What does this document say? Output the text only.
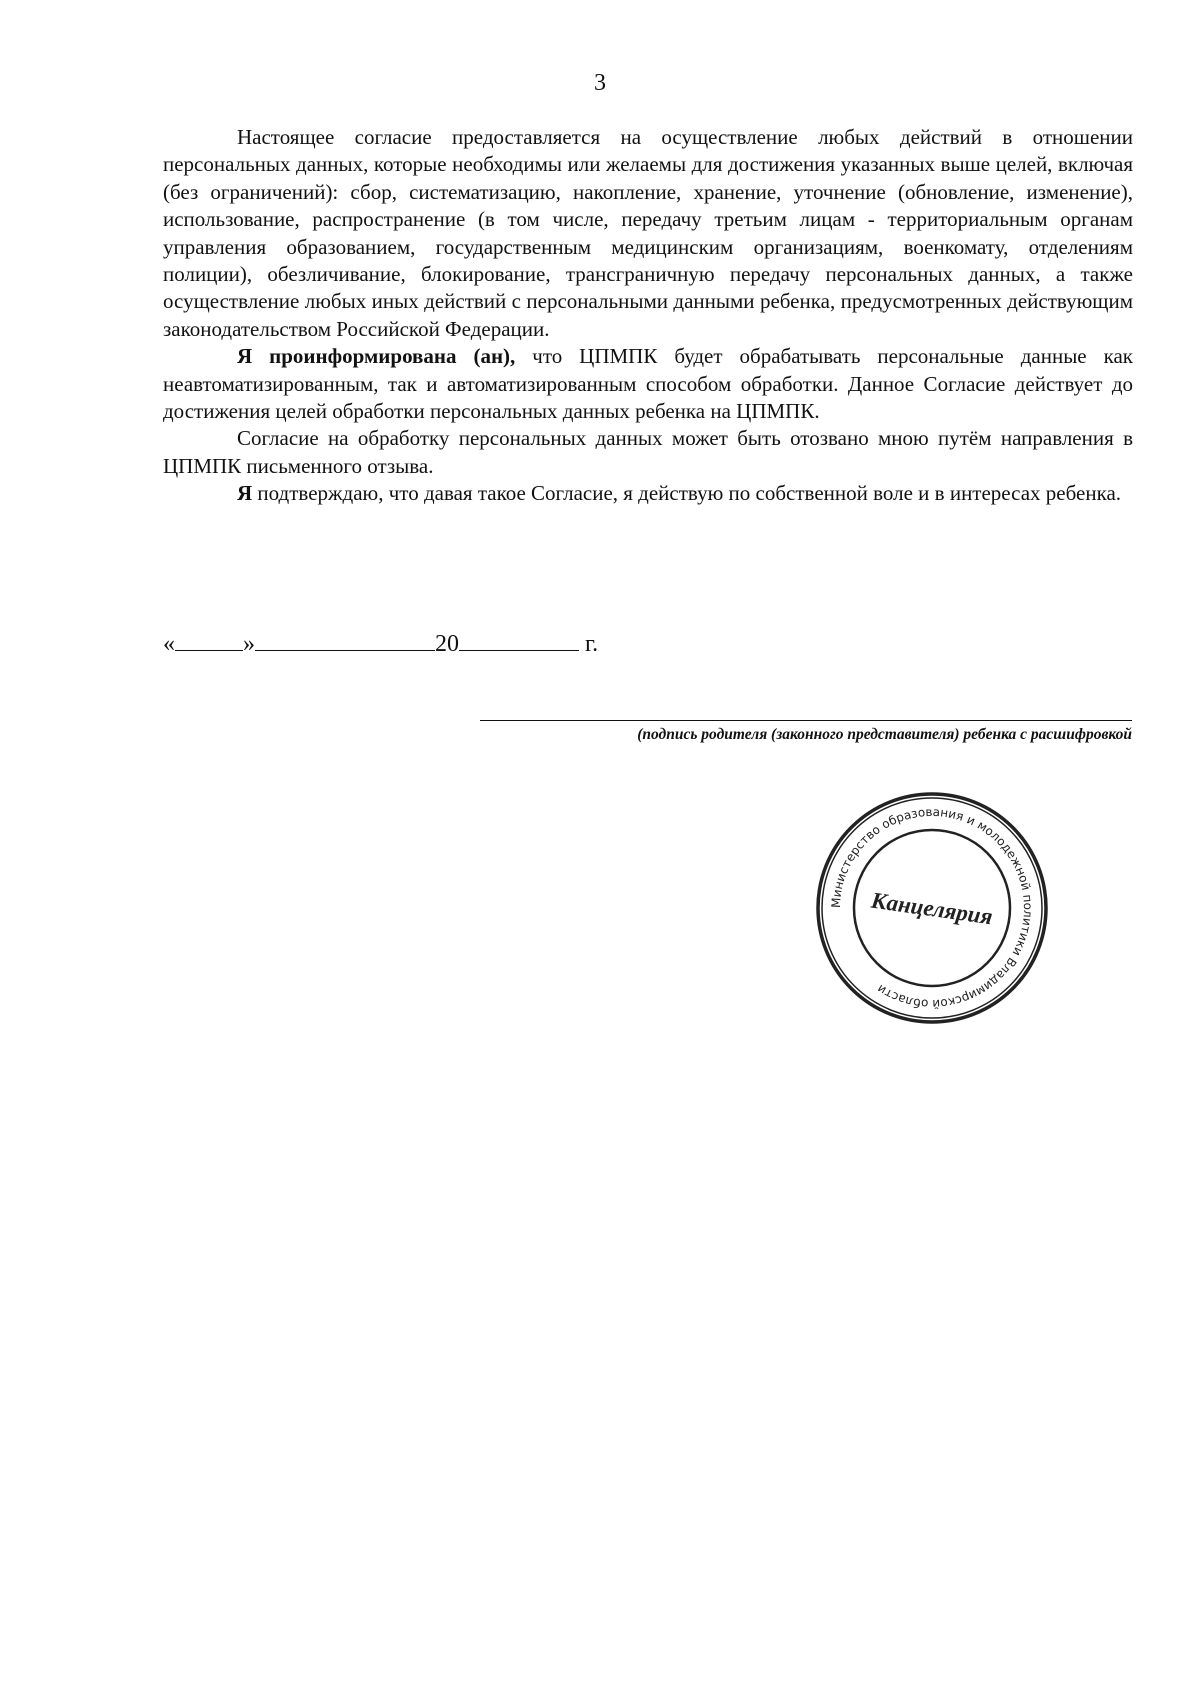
3

Настоящее согласие предоставляется на осуществление любых действий в отношении персональных данных, которые необходимы или желаемы для достижения указанных выше целей, включая (без ограничений): сбор, систематизацию, накопление, хранение, уточнение (обновление, изменение), использование, распространение (в том числе, передачу третьим лицам - территориальным органам управления образованием, государственным медицинским организациям, военкомату, отделениям полиции), обезличивание, блокирование, трансграничную передачу персональных данных, а также осуществление любых иных действий с персональными данными ребенка, предусмотренных действующим законодательством Российской Федерации.

Я проинформирована (ан), что ЦПМПК будет обрабатывать персональные данные как неавтоматизированным, так и автоматизированным способом обработки. Данное Согласие действует до достижения целей обработки персональных данных ребенка на ЦПМПК.

Согласие на обработку персональных данных может быть отозвано мною путём направления в ЦПМПК письменного отзыва.

Я подтверждаю, что давая такое Согласие, я действую по собственной воле и в интересах ребенка.

«	»	20	г.
(подпись родителя (законного представителя) ребенка с расшифровкой
Министерство образования и молодежной политики Владимирской области
Канцелярия
